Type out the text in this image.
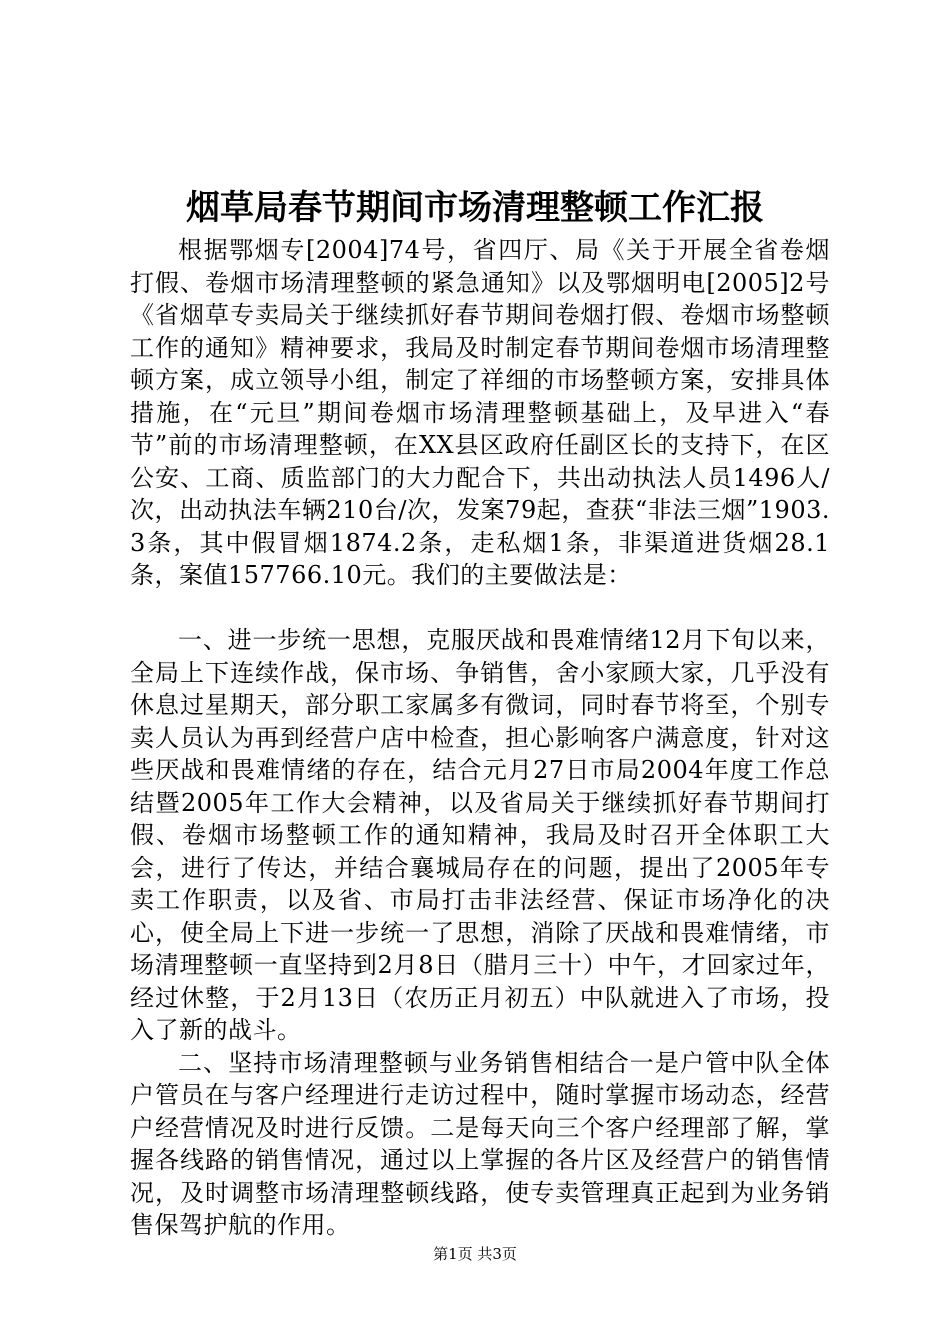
烟草局春节期间市场清理整顿工作汇报

根据鄂烟专[2004]74号，省四厅、局《关于开展全省卷烟打假、卷烟市场清理整顿的紧急通知》以及鄂烟明电[2005]2号《省烟草专卖局关于继续抓好春节期间卷烟打假、卷烟市场整顿工作的通知》精神要求，我局及时制定春节期间卷烟市场清理整顿方案，成立领导小组，制定了祥细的市场整顿方案，安排具体措施，在“元旦”期间卷烟市场清理整顿基础上，及早进入“春节”前的市场清理整顿，在XX县区政府任副区长的支持下，在区公安、工商、质监部门的大力配合下，共出动执法人员1496人/次，出动执法车辆210台/次，发案79起，查获“非法三烟”1903.3条，其中假冒烟1874.2条，走私烟1条，非渠道进货烟28.1条，案值157766.10元。我们的主要做法是：

一、进一步统一思想，克服厌战和畏难情绪12月下旬以来，全局上下连续作战，保市场、争销售，舍小家顾大家，几乎没有休息过星期天，部分职工家属多有微词，同时春节将至，个别专卖人员认为再到经营户店中检查，担心影响客户满意度，针对这些厌战和畏难情绪的存在，结合元月27日市局2004年度工作总结暨2005年工作大会精神，以及省局关于继续抓好春节期间打假、卷烟市场整顿工作的通知精神，我局及时召开全体职工大会，进行了传达，并结合襄城局存在的问题，提出了2005年专卖工作职责，以及省、市局打击非法经营、保证市场净化的决心，使全局上下进一步统一了思想，消除了厌战和畏难情绪，市场清理整顿一直坚持到2月8日（腊月三十）中午，才回家过年，经过休整，于2月13日（农历正月初五）中队就进入了市场，投入了新的战斗。

二、坚持市场清理整顿与业务销售相结合一是户管中队全体户管员在与客户经理进行走访过程中，随时掌握市场动态，经营户经营情况及时进行反馈。二是每天向三个客户经理部了解，掌握各线路的销售情况，通过以上掌握的各片区及经营户的销售情况，及时调整市场清理整顿线路，使专卖管理真正起到为业务销售保驾护航的作用。

第1页 共3页
